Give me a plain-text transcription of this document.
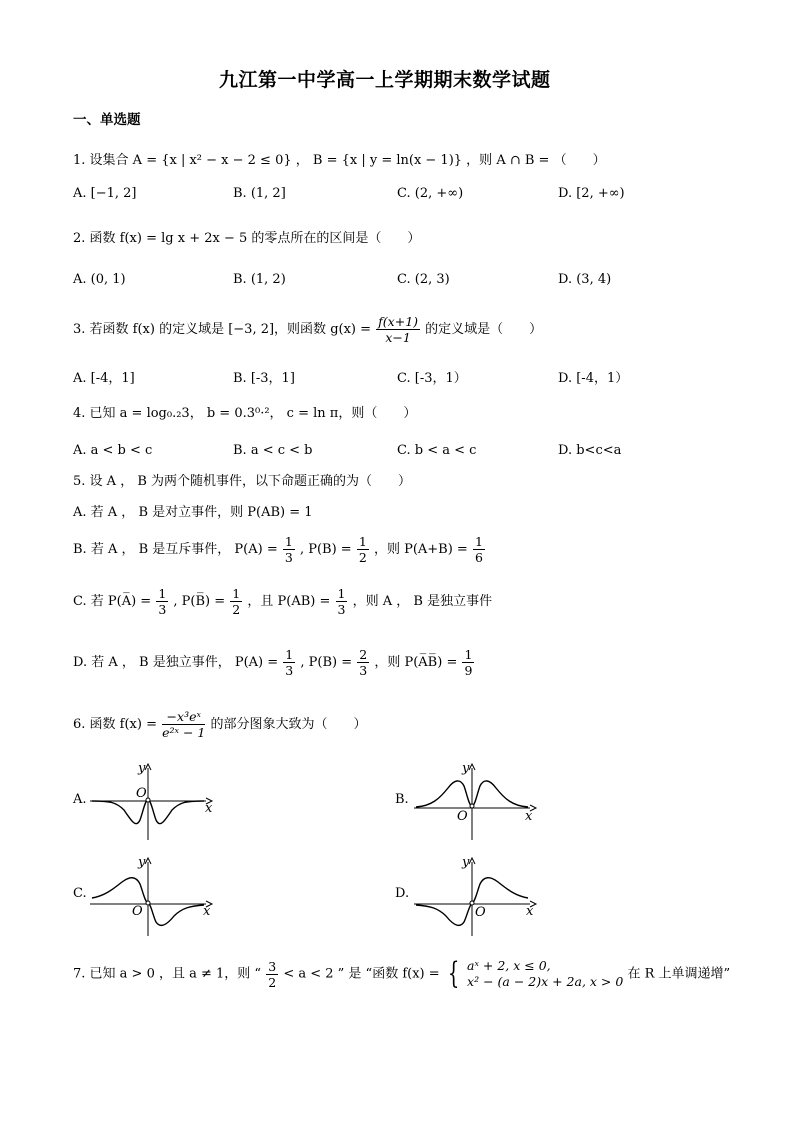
九江第一中学高一上学期期末数学试题
一、单选题
1. 设集合 A = {x | x² − x − 2 ≤ 0} ， B = {x | y = ln(x − 1)} ，则 A ∩ B = （　　）
A. [−1, 2]	B. (1, 2]	C. (2, +∞)	D. [2, +∞)
2. 函数 f(x) = lg x + 2x − 5 的零点所在的区间是（　　）
A. (0, 1)	B. (1, 2)	C. (2, 3)	D. (3, 4)
3. 若函数 f(x) 的定义域是 [−3, 2]，则函数 $g(x) = \frac{f(x+1)}{x-1}$ 的定义域是（　　）
A. [-4，1]	B. [-3，1]	C. [-3，1）	D. [-4，1）
4. 已知 a = log₀.₂3， b = 0.3⁰·²， c = ln π，则（　　）
A. a < b < c	B. a < c < b	C. b < a < c	D. b<c<a
5. 设 A ， B 为两个随机事件，以下命题正确的为（　　）
A. 若 A ， B 是对立事件，则 P(AB) = 1
B. 若 A ， B 是互斥事件， $P(A) = \frac{1}{3}$ , $P(B) = \frac{1}{2}$ ，则 $P(A+B) = \frac{1}{6}$
C. 若 P(A̅) = $\frac{1}{3}$ , P(B̅) = $\frac{1}{2}$ ，且 $P(AB) = \frac{1}{3}$ ，则 A ， B 是独立事件
D. 若 A ， B 是独立事件， $P(A) = \frac{1}{3}$ , $P(B) = \frac{2}{3}$ ，则 P(A̅B̅) = $\frac{1}{9}$
6. 函数 $f(x) = \frac{\text{−x³eˣ}}{\text{e²ˣ − 1}}$ 的部分图象大致为（　　）
A.	B.
C.	D.
y
x
O
y
x
O
y
x
O
y
x
O
7. 已知 a > 0 ，且 a ≠ 1，则 “ $\frac{3}{2} < a < 2$ ” 是 “函数 f(x) = { aˣ + 2, x ≤ 0,
x² − (a − 2)x + 2a, x > 0 在 R 上单调递增”
